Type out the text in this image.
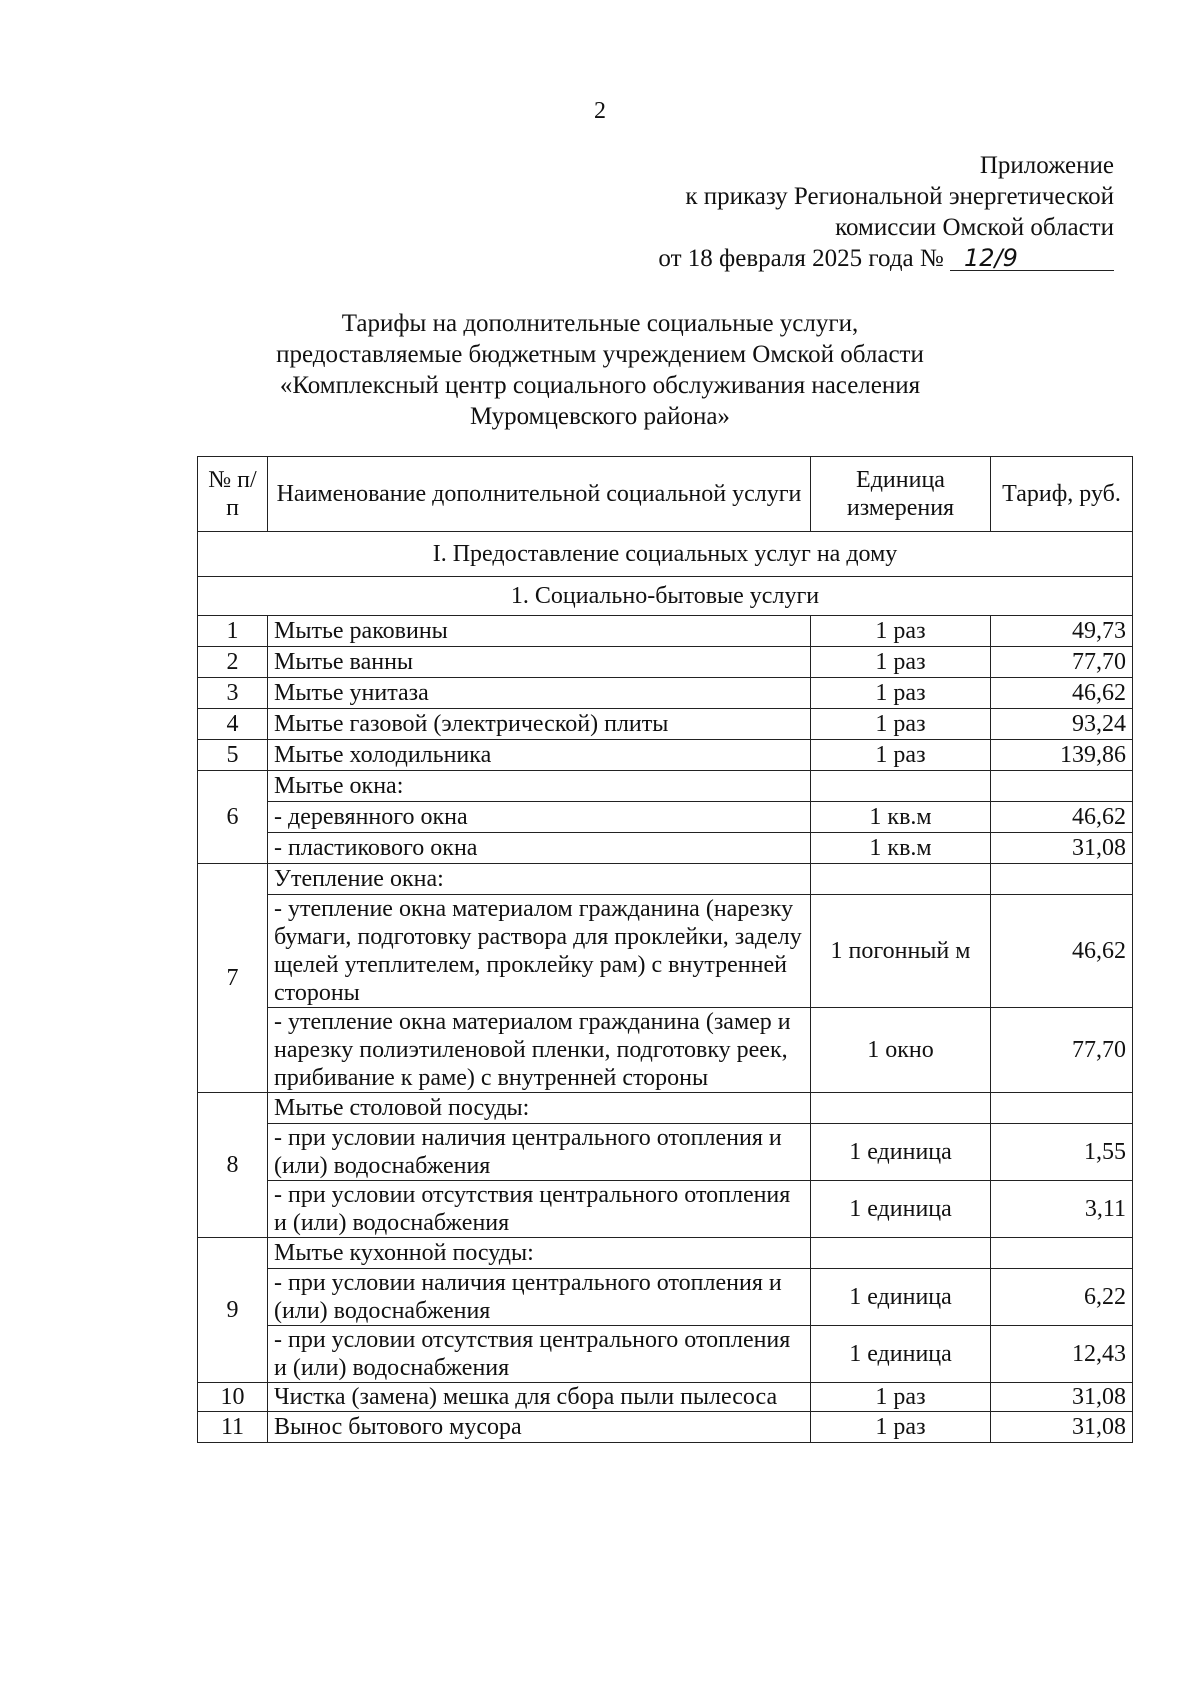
2
Приложение
к приказу Региональной энергетической
комиссии Омской области
от 18 февраля 2025 года № 12/9
Тарифы на дополнительные социальные услуги,
предоставляемые бюджетным учреждением Омской области
«Комплексный центр социального обслуживания населения
Муромцевского района»
№ п/п	Наименование дополнительной социальной услуги	Единица измерения	Тариф, руб.
I. Предоставление социальных услуг на дому			
1. Социально-бытовые услуги			
1	Мытье раковины	1 раз	49,73
2	Мытье ванны	1 раз	77,70
3	Мытье унитаза	1 раз	46,62
4	Мытье газовой (электрической) плиты	1 раз	93,24
5	Мытье холодильника	1 раз	139,86
6	Мытье окна:		
	- деревянного окна	1 кв.м	46,62
	- пластикового окна	1 кв.м	31,08
7	Утепление окна:		
	- утепление окна материалом гражданина (нарезку бумаги, подготовку раствора для проклейки, заделу щелей утеплителем, проклейку рам) с внутренней стороны	1 погонный м	46,62
	- утепление окна материалом гражданина (замер и нарезку полиэтиленовой пленки, подготовку реек, прибивание к раме) с внутренней стороны	1 окно	77,70
8	Мытье столовой посуды:		
	- при условии наличия центрального отопления и (или) водоснабжения	1 единица	1,55
	- при условии отсутствия центрального отопления и (или) водоснабжения	1 единица	3,11
9	Мытье кухонной посуды:		
	- при условии наличия центрального отопления и (или) водоснабжения	1 единица	6,22
	- при условии отсутствия центрального отопления и (или) водоснабжения	1 единица	12,43
10	Чистка (замена) мешка для сбора пыли пылесоса	1 раз	31,08
11	Вынос бытового мусора	1 раз	31,08
